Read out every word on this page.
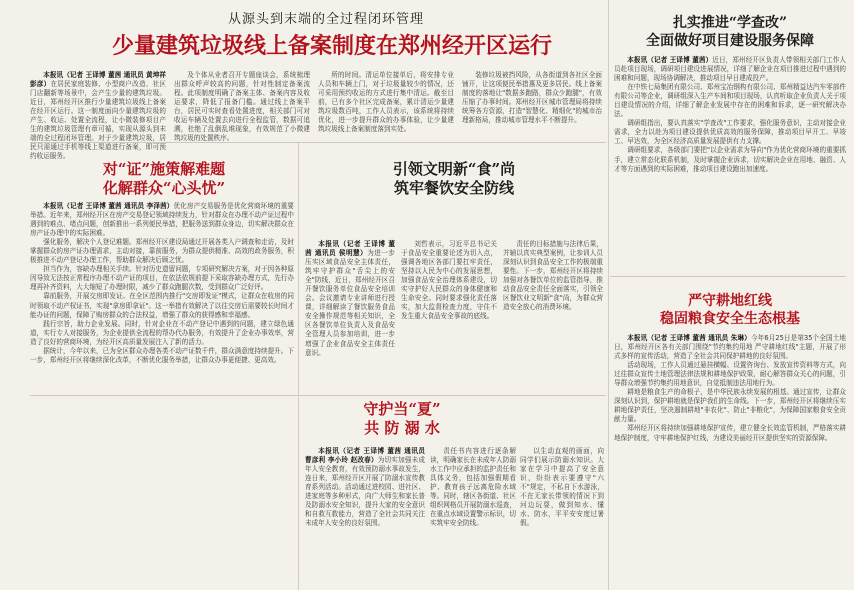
从源头到末端的全过程闭环管理
少量建筑垃圾线上备案制度在郑州经开区运行

本报讯（记者 王译博 董茜 通讯员 黄坤祥彭彦）在居民家庭装修、小型商户改造、社区门店翻新等场景中，会产生少量的建筑垃圾。近日，郑州经开区推行少量建筑垃圾线上备案在经开区运行。这一制度面向少量建筑垃圾的产生、收运、处置全流程，让小微装修项目产生的建筑垃圾管理有章可循，实现从源头到末端的全过程闭环管理。对于少量建筑垃圾，居民只需通过手机等线上渠道进行备案，即可预约收运服务。

及个体从业者召开专题座谈会，系统梳理出群众呼声较高的问题，针对性制定备案流程。此项制度明确了备案主体、备案内容及收运要求，降低了报备门槛。通过线上备案平台，居民可实时查看处置进度，相关部门可对收运车辆及处置去向进行全程监管，数据可追溯，杜绝了乱倒乱堆现象，有效规范了小微建筑垃圾的处置秩序。

所的时间。清运单位接单后，将安排专业人员和车辆上门，对于垃圾量较少的情况，还可采用预约收运的方式进行集中清运。截至目前，已有多个社区完成备案，累计清运少量建筑垃圾数百吨，工作人员表示，该系统将持续优化，进一步提升群众的办事体验，让少量建筑垃圾线上备案制度落到实处。

装修垃圾被挡风险，从各街道到各社区全面铺开，让这项便民举措惠及更多居民。线上备案制度的落地让"数据多跑路，群众少跑腿"，有效压缩了办事时间。郑州经开区城市管理局将持续统筹各方资源，打造"智慧化、精细化"的城市治理新格局，推动城市管理水平不断提升。

对“证”施策解难题
化解群众“心头忧”

本报讯（记者 王译博 董茜 通讯员 李泽茜）优化房产交易服务是优化营商环境的重要举措。近年来，郑州经开区在房产交易登记领域持续发力，针对群众在办理不动产证过程中遇到的难点、堵点问题，创新推出一系列便民举措，把服务送到群众身边，切实解决群众在房产证办理中的实际困难。

强化服务，解决个人登记难题。郑州经开区建设局通过开展各类入户调查和走访，及时掌握群众的房产证办理需求，主动对接，靠前服务，为群众提供精准、高效的政务服务，积极推进不动产登记办理工作，帮助群众解决后顾之忧。

担当作为，容缺办理相关手续。针对历史遗留问题，专项研究解决方案，对于因各种原因导致无法按正常程序办理不动产证的项目，在依法依规前提下采取容缺办理方式，先行办理再补齐资料，大大缩短了办理时限，减少了群众跑腿次数，受到群众广泛好评。

靠前服务，开展交房即发证。在全区范围内推行"交房即发证"模式，让群众在收房的同时领取不动产权证书，实现"拿房即拿证"。这一举措有效解决了以往交房后需要较长时间才能办证的问题，保障了购房群众的合法权益，增强了群众的获得感和幸福感。

践行宗旨，助力企业发展。同时，针对企业在不动产登记中遇到的问题，建立绿色通道，实行专人对接服务，为企业提供全流程的帮办代办服务，有效提升了企业办事效率，营造了良好的营商环境，为经开区高质量发展注入了新的活力。

据统计，今年以来，已为全区群众办理各类不动产证数千件，群众满意度持续提升。下一步，郑州经开区将继续深化改革，不断优化服务举措，让群众办事更便捷、更高效。

引领文明新“食”尚
筑牢餐饮安全防线

本报讯（记者 王译博 董茜 通讯员 侯明慧）为进一步压实区域食品安全主体责任，筑牢守护群众"舌尖上的安全"防线，近日，郑州经开区召开餐饮服务单位食品安全培训会。会议邀请专业讲师进行授课，详细解读了餐饮服务食品安全操作规范等相关知识，全区各餐饮单位负责人及食品安全管理人员参加培训，进一步增强了企业食品安全主体责任意识。

刘哲表示，习近平总书记关于食品安全重要论述为切入点，强调各地区各部门要扛牢责任，坚持以人民为中心的发展思想，加强食品安全治理体系建设，切实守护好人民群众的身体健康和生命安全。同时要求强化责任落实，加大监督检查力度，守住不发生重大食品安全事故的底线。

责任的目标措施与法律后果，并辅以真实典型案例，让参训人员深刻认识到食品安全工作的极端重要性。下一步，郑州经开区将持续加强对各餐饮单位的监管指导，推动食品安全责任全面落实，引领全区餐饮业文明新"食"尚，为群众营造安全放心的消费环境。

守护当“夏”
共 防 溺 水

本报讯（记者 王译博 董茜 通讯员 曹彦利 李小玲 赵改春）为切实加强未成年人安全教育，有效预防溺水事故发生，连日来，郑州经开区开展了防溺水宣传教育系列活动。活动通过进校园、进社区、进家庭等多种形式，向广大师生和家长普及防溺水安全知识，提升大家的安全意识和自救互救能力，营造了全社会共同关注未成年人安全的良好氛围。

责任书内容进行逐条解读，明确家长在未成年人防溺水工作中应承担的监护责任和具体义务，包括加强假期看护、教育孩子远离危险水域等。同时，辖区各街道、社区组织网格员开展防溺水巡查，在重点水域设置警示标识，切实筑牢安全防线。

以生动直观的画面，向同学们展示防溺水知识。大家在学习中提高了安全意识，纷纷表示要遵守"六不"规定，不私自下水游泳，不在无家长带领的情况下到河边玩耍，做到知水、懂水、防水，平平安安度过暑假。

扎实推进“学查改”
全面做好项目建设服务保障

本报讯（记者 王译博 董茜）近日，郑州经开区负责人带领相关部门工作人员赴项目现场，调研项目建设进展情况，详细了解企业在项目推进过程中遇到的困难和问题，现场协调解决，推动项目早日建成投产。

在中铁七局集团有限公司、郑州宝冶钢构有限公司、郑州精益达汽车零部件有限公司等企业，调研组深入生产车间和项目现场，认真听取企业负责人关于项目建设情况的介绍，详细了解企业发展中存在的困难和诉求，逐一研究解决办法。

调研组指出，要认真落实"学查改"工作要求，强化服务意识，主动对接企业需求，全力以赴为项目建设提供优质高效的服务保障，推动项目早开工、早竣工、早达效，为全区经济高质量发展提供有力支撑。

调研组要求，各级部门要把"以企业需求为导向"作为优化营商环境的重要抓手，建立常态化联系机制，及时掌握企业诉求，切实解决企业在用地、融资、人才等方面遇到的实际困难，推动项目建设跑出加速度。

严守耕地红线
稳固粮食安全生态根基

本报讯（记者 王译博 董茜 通讯员 朱琳）今年6月25日是第35个全国土地日，郑州经开区各有关部门围绕"节约集约用地 严守耕地红线"主题，开展了形式多样的宣传活动，营造了全社会共同保护耕地的良好氛围。

活动现场，工作人员通过悬挂横幅、设置咨询台、发放宣传资料等方式，向过往群众宣传土地管理法律法规和耕地保护政策，耐心解答群众关心的问题，引导群众增强节约集约用地意识，自觉抵制违法用地行为。

耕地是粮食生产的命根子，是中华民族永续发展的根基。通过宣传，让群众深刻认识到，保护耕地就是保护我们的生命线。下一步，郑州经开区将继续压实耕地保护责任，坚决遏制耕地"非农化"、防止"非粮化"，为保障国家粮食安全贡献力量。

郑州经开区将持续加强耕地保护宣传，建立健全长效监管机制，严格落实耕地保护制度，守牢耕地保护红线，为建设美丽经开区提供坚实的资源保障。
